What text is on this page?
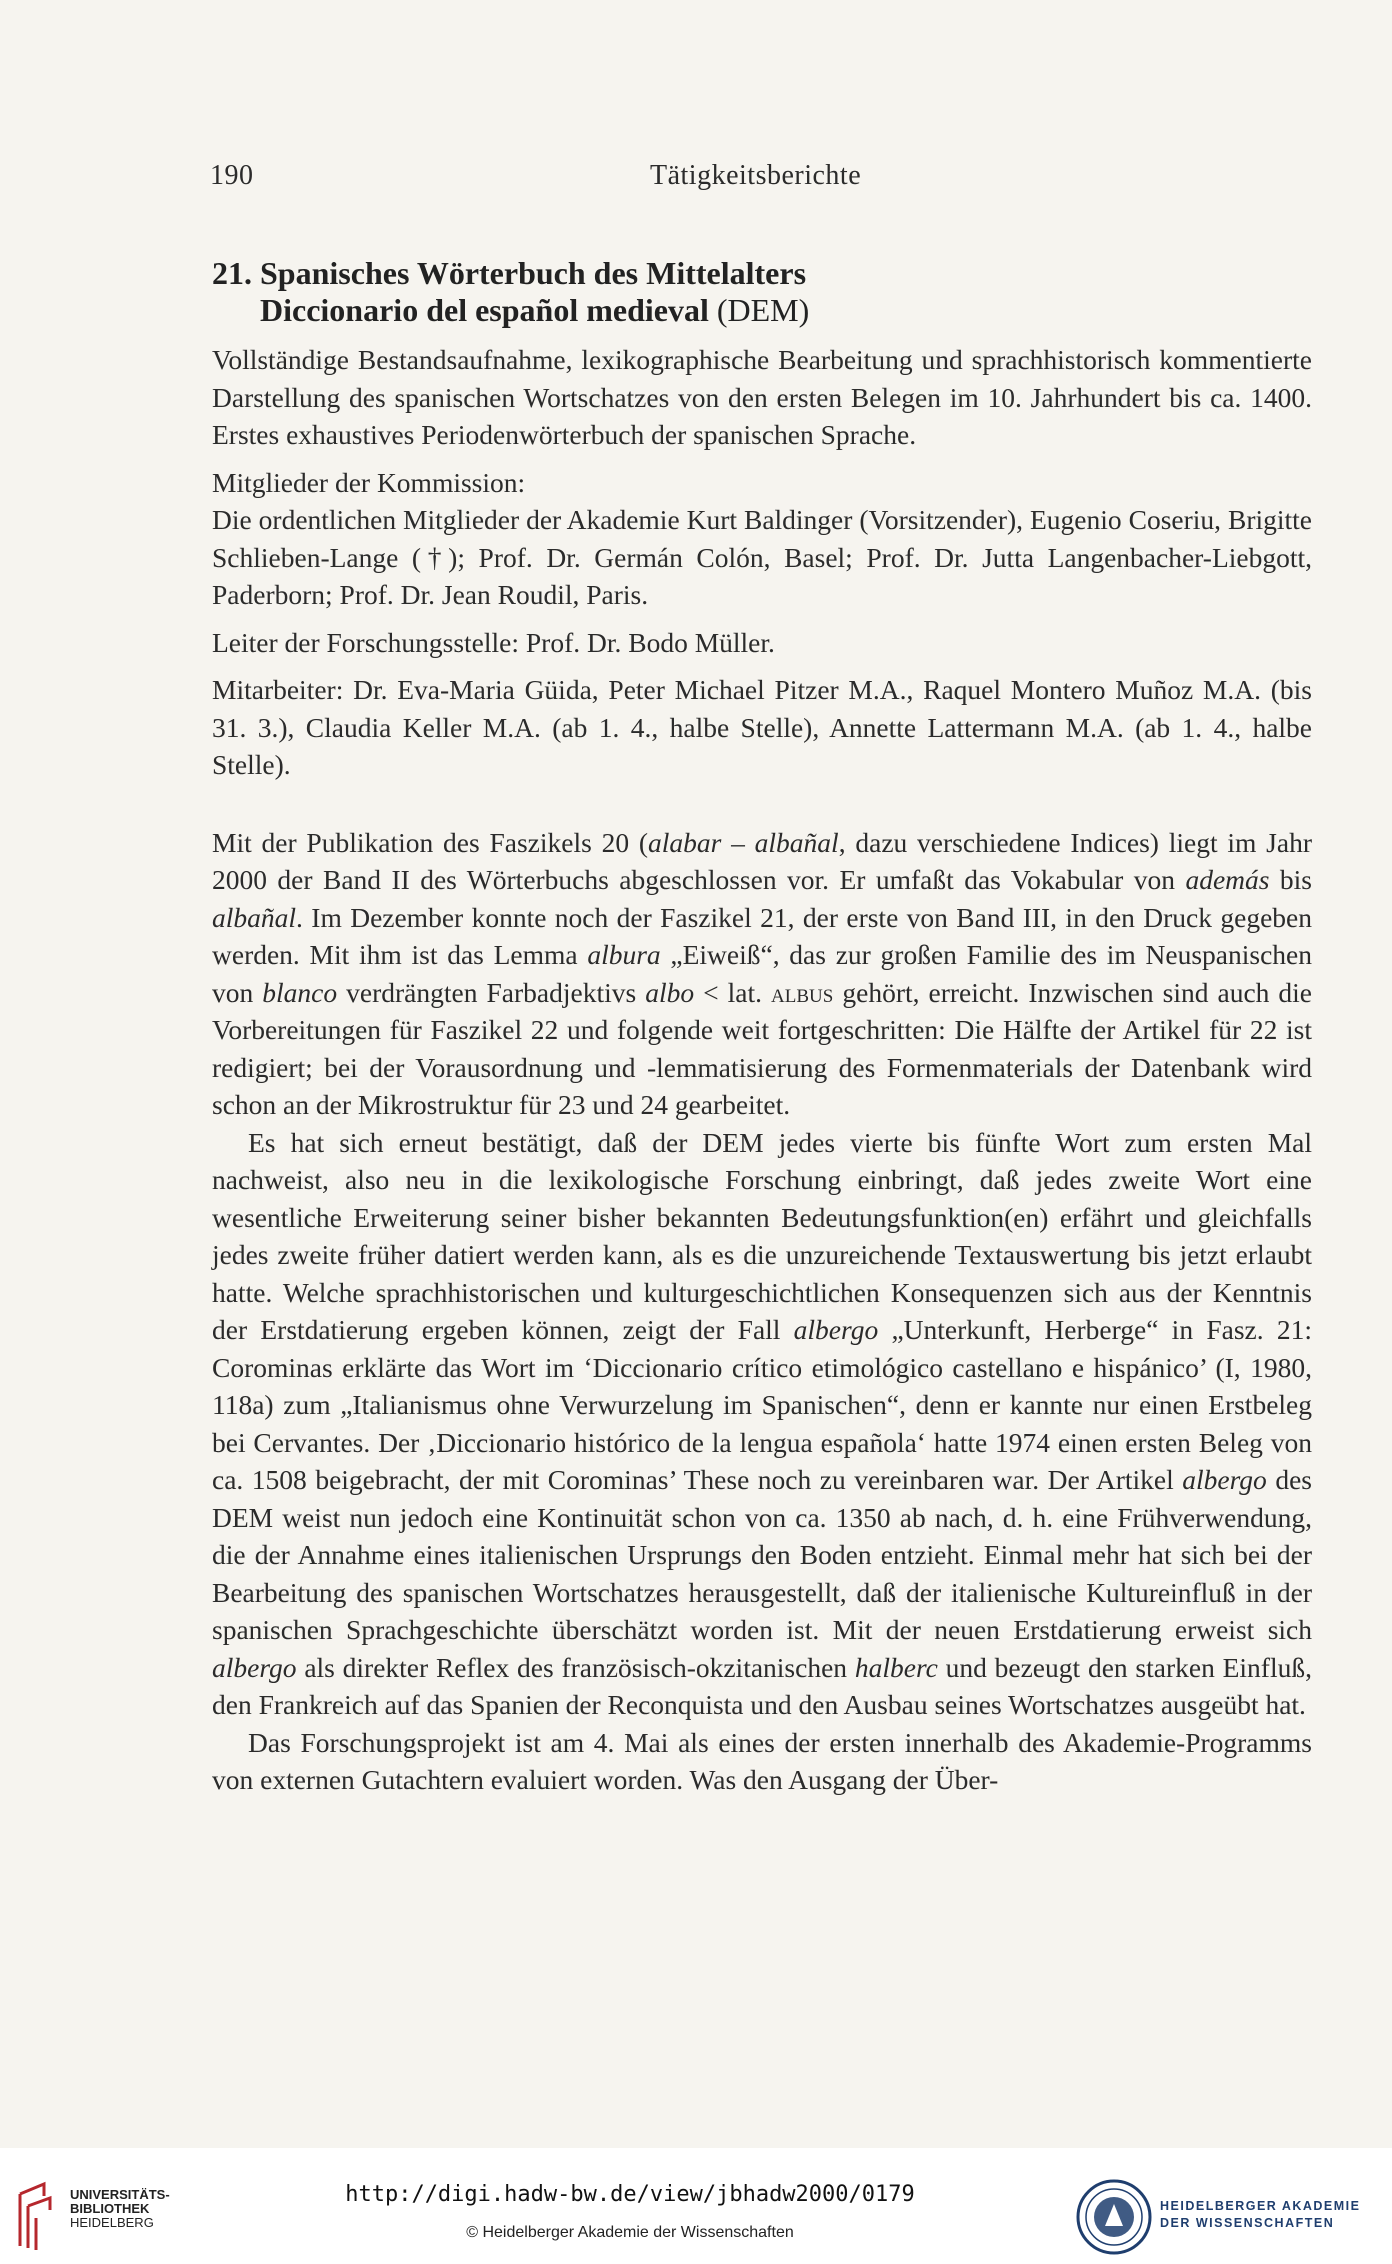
190	Tätigkeitsberichte
21. Spanisches Wörterbuch des Mittelalters
Diccionario del español medieval (DEM)

Vollständige Bestandsaufnahme, lexikographische Bearbeitung und sprachhistorisch kommentierte Darstellung des spanischen Wortschatzes von den ersten Belegen im 10. Jahrhundert bis ca. 1400. Erstes exhaustives Periodenwörterbuch der spanischen Sprache.

Mitglieder der Kommission:

Die ordentlichen Mitglieder der Akademie Kurt Baldinger (Vorsitzender), Eugenio Coseriu, Brigitte Schlieben-Lange (†); Prof. Dr. Germán Colón, Basel; Prof. Dr. Jutta Langenbacher-Liebgott, Paderborn; Prof. Dr. Jean Roudil, Paris.

Leiter der Forschungsstelle: Prof. Dr. Bodo Müller.

Mitarbeiter: Dr. Eva-Maria Güida, Peter Michael Pitzer M.A., Raquel Montero Muñoz M.A. (bis 31. 3.), Claudia Keller M.A. (ab 1. 4., halbe Stelle), Annette Lattermann M.A. (ab 1. 4., halbe Stelle).

Mit der Publikation des Faszikels 20 (alabar – albañal, dazu verschiedene Indices) liegt im Jahr 2000 der Band II des Wörterbuchs abgeschlossen vor. Er umfaßt das Vokabular von además bis albañal. Im Dezember konnte noch der Faszikel 21, der erste von Band III, in den Druck gegeben werden. Mit ihm ist das Lemma albura „Eiweiß“, das zur großen Familie des im Neuspanischen von blanco verdrängten Farbadjektivs albo < lat. albus gehört, erreicht. Inzwischen sind auch die Vorbereitungen für Faszikel 22 und folgende weit fortgeschritten: Die Hälfte der Artikel für 22 ist redigiert; bei der Vorausordnung und -lemmatisierung des Formenmaterials der Datenbank wird schon an der Mikrostruktur für 23 und 24 gearbeitet.

Es hat sich erneut bestätigt, daß der DEM jedes vierte bis fünfte Wort zum ersten Mal nachweist, also neu in die lexikologische Forschung einbringt, daß jedes zweite Wort eine wesentliche Erweiterung seiner bisher bekannten Bedeutungsfunktion(en) erfährt und gleichfalls jedes zweite früher datiert werden kann, als es die unzureichende Textauswertung bis jetzt erlaubt hatte. Welche sprachhistorischen und kulturgeschichtlichen Konsequenzen sich aus der Kenntnis der Erstdatierung ergeben können, zeigt der Fall albergo „Unterkunft, Herberge“ in Fasz. 21: Corominas erklärte das Wort im ‘Diccionario crítico etimológico castellano e hispánico’ (I, 1980, 118a) zum „Italianismus ohne Verwurzelung im Spanischen“, denn er kannte nur einen Erstbeleg bei Cervantes. Der ‚Diccionario histórico de la lengua española‘ hatte 1974 einen ersten Beleg von ca. 1508 beigebracht, der mit Corominas’ These noch zu vereinbaren war. Der Artikel albergo des DEM weist nun jedoch eine Kontinuität schon von ca. 1350 ab nach, d. h. eine Frühverwendung, die der Annahme eines italienischen Ursprungs den Boden entzieht. Einmal mehr hat sich bei der Bearbeitung des spanischen Wortschatzes herausgestellt, daß der italienische Kultureinfluß in der spanischen Sprachgeschichte überschätzt worden ist. Mit der neuen Erstdatierung erweist sich albergo als direkter Reflex des französisch-okzitanischen halberc und bezeugt den starken Einfluß, den Frankreich auf das Spanien der Reconquista und den Ausbau seines Wortschatzes ausgeübt hat.

Das Forschungsprojekt ist am 4. Mai als eines der ersten innerhalb des Akademie-Programms von externen Gutachtern evaluiert worden. Was den Ausgang der Über-

UNIVERSITÄTS-
BIBLIOTHEK
HEIDELBERG
http://digi.hadw-bw.de/view/jbhadw2000/0179
© Heidelberger Akademie der Wissenschaften
HEIDELBERGER AKADEMIE
DER WISSENSCHAFTEN
